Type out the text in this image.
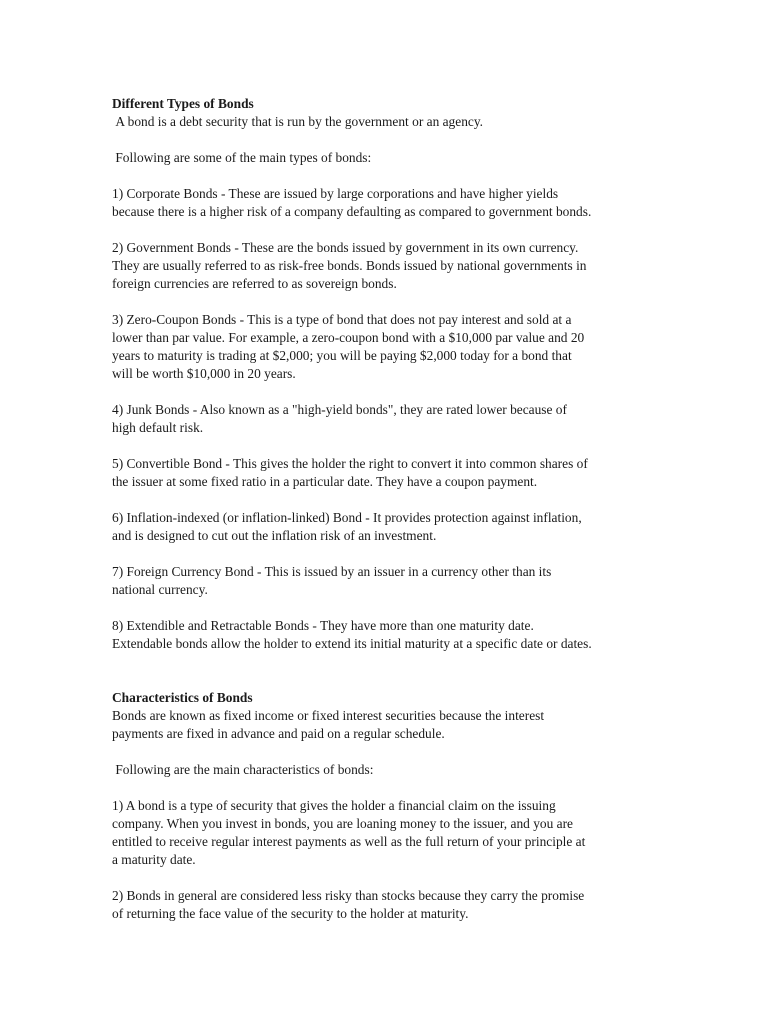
Different Types of Bonds

A bond is a debt security that is run by the government or an agency.

Following are some of the main types of bonds:

1) Corporate Bonds - These are issued by large corporations and have higher yields
because there is a higher risk of a company defaulting as compared to government bonds.
2) Government Bonds - These are the bonds issued by government in its own currency.
They are usually referred to as risk-free bonds. Bonds issued by national governments in
foreign currencies are referred to as sovereign bonds.
3) Zero-Coupon Bonds - This is a type of bond that does not pay interest and sold at a
lower than par value. For example, a zero-coupon bond with a $10,000 par value and 20
years to maturity is trading at $2,000; you will be paying $2,000 today for a bond that
will be worth $10,000 in 20 years.
4) Junk Bonds - Also known as a "high-yield bonds", they are rated lower because of
high default risk.
5) Convertible Bond - This gives the holder the right to convert it into common shares of
the issuer at some fixed ratio in a particular date. They have a coupon payment.
6) Inflation-indexed (or inflation-linked) Bond - It provides protection against inflation,
and is designed to cut out the inflation risk of an investment.
7) Foreign Currency Bond - This is issued by an issuer in a currency other than its
national currency.
8) Extendible and Retractable Bonds - They have more than one maturity date.
Extendable bonds allow the holder to extend its initial maturity at a specific date or dates.

Characteristics of Bonds

Bonds are known as fixed income or fixed interest securities because the interest
payments are fixed in advance and paid on a regular schedule.

Following are the main characteristics of bonds:

1) A bond is a type of security that gives the holder a financial claim on the issuing
company. When you invest in bonds, you are loaning money to the issuer, and you are
entitled to receive regular interest payments as well as the full return of your principle at
a maturity date.
2) Bonds in general are considered less risky than stocks because they carry the promise
of returning the face value of the security to the holder at maturity.
